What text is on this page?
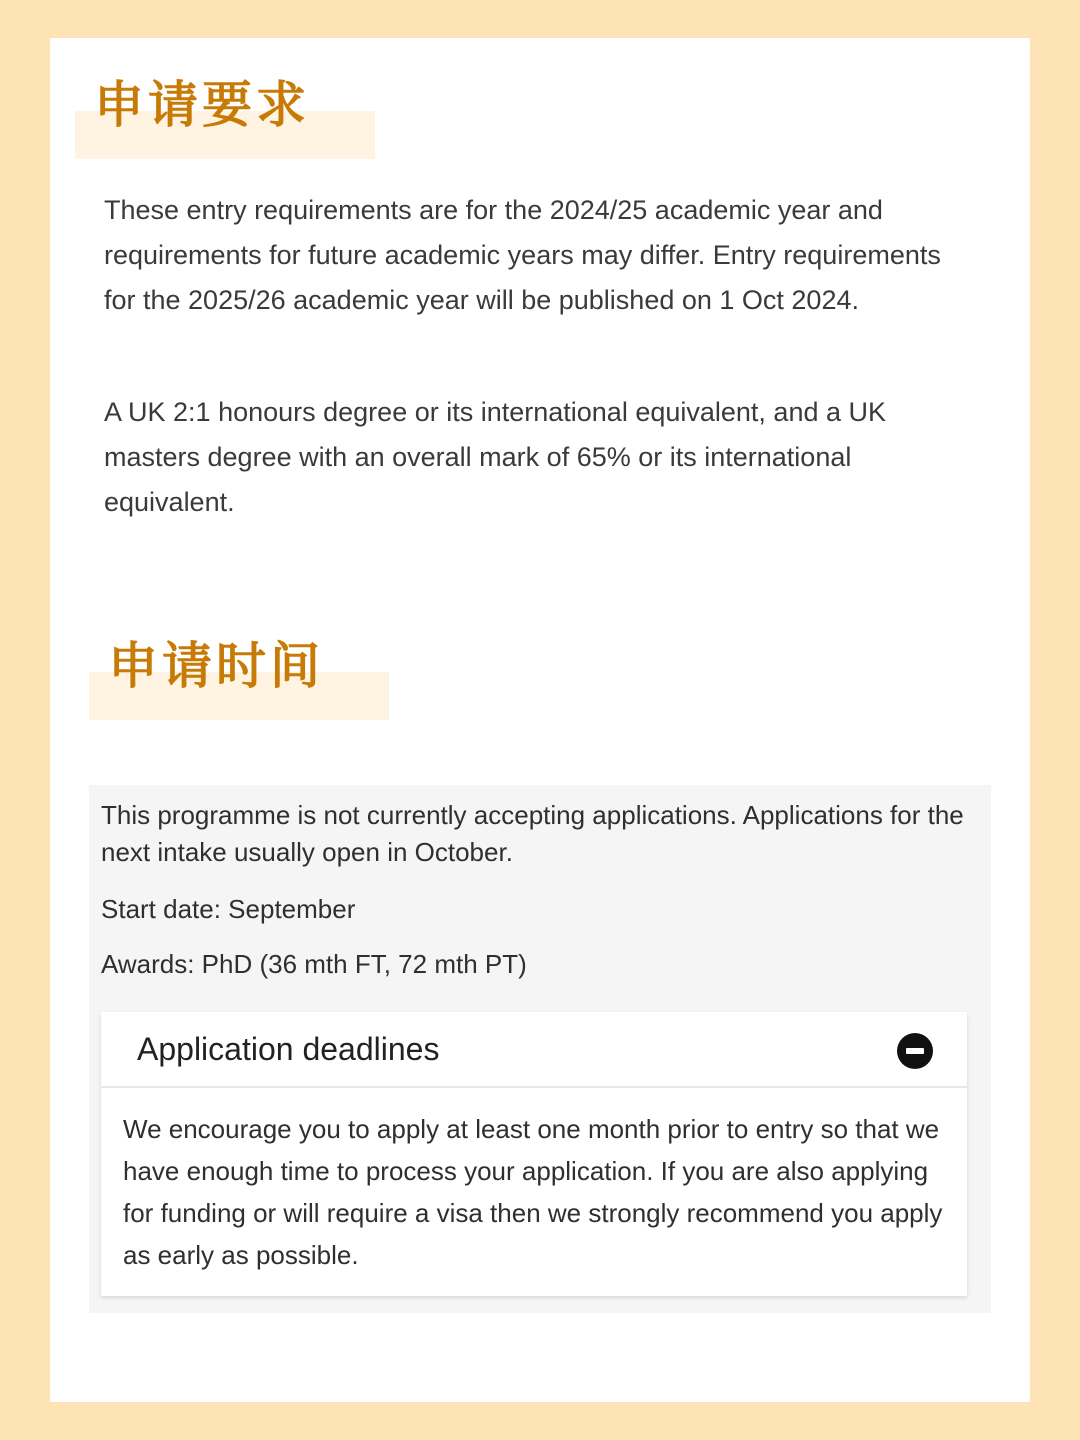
申请要求

These entry requirements are for the 2024/25 academic year and requirements for future academic years may differ. Entry requirements for the 2025/26 academic year will be published on 1 Oct 2024.

A UK 2:1 honours degree or its international equivalent, and a UK masters degree with an overall mark of 65% or its international equivalent.

申请时间

This programme is not currently accepting applications. Applications for the next intake usually open in October.

Start date: September

Awards: PhD (36 mth FT, 72 mth PT)

Application deadlines

We encourage you to apply at least one month prior to entry so that we have enough time to process your application. If you are also applying for funding or will require a visa then we strongly recommend you apply as early as possible.
